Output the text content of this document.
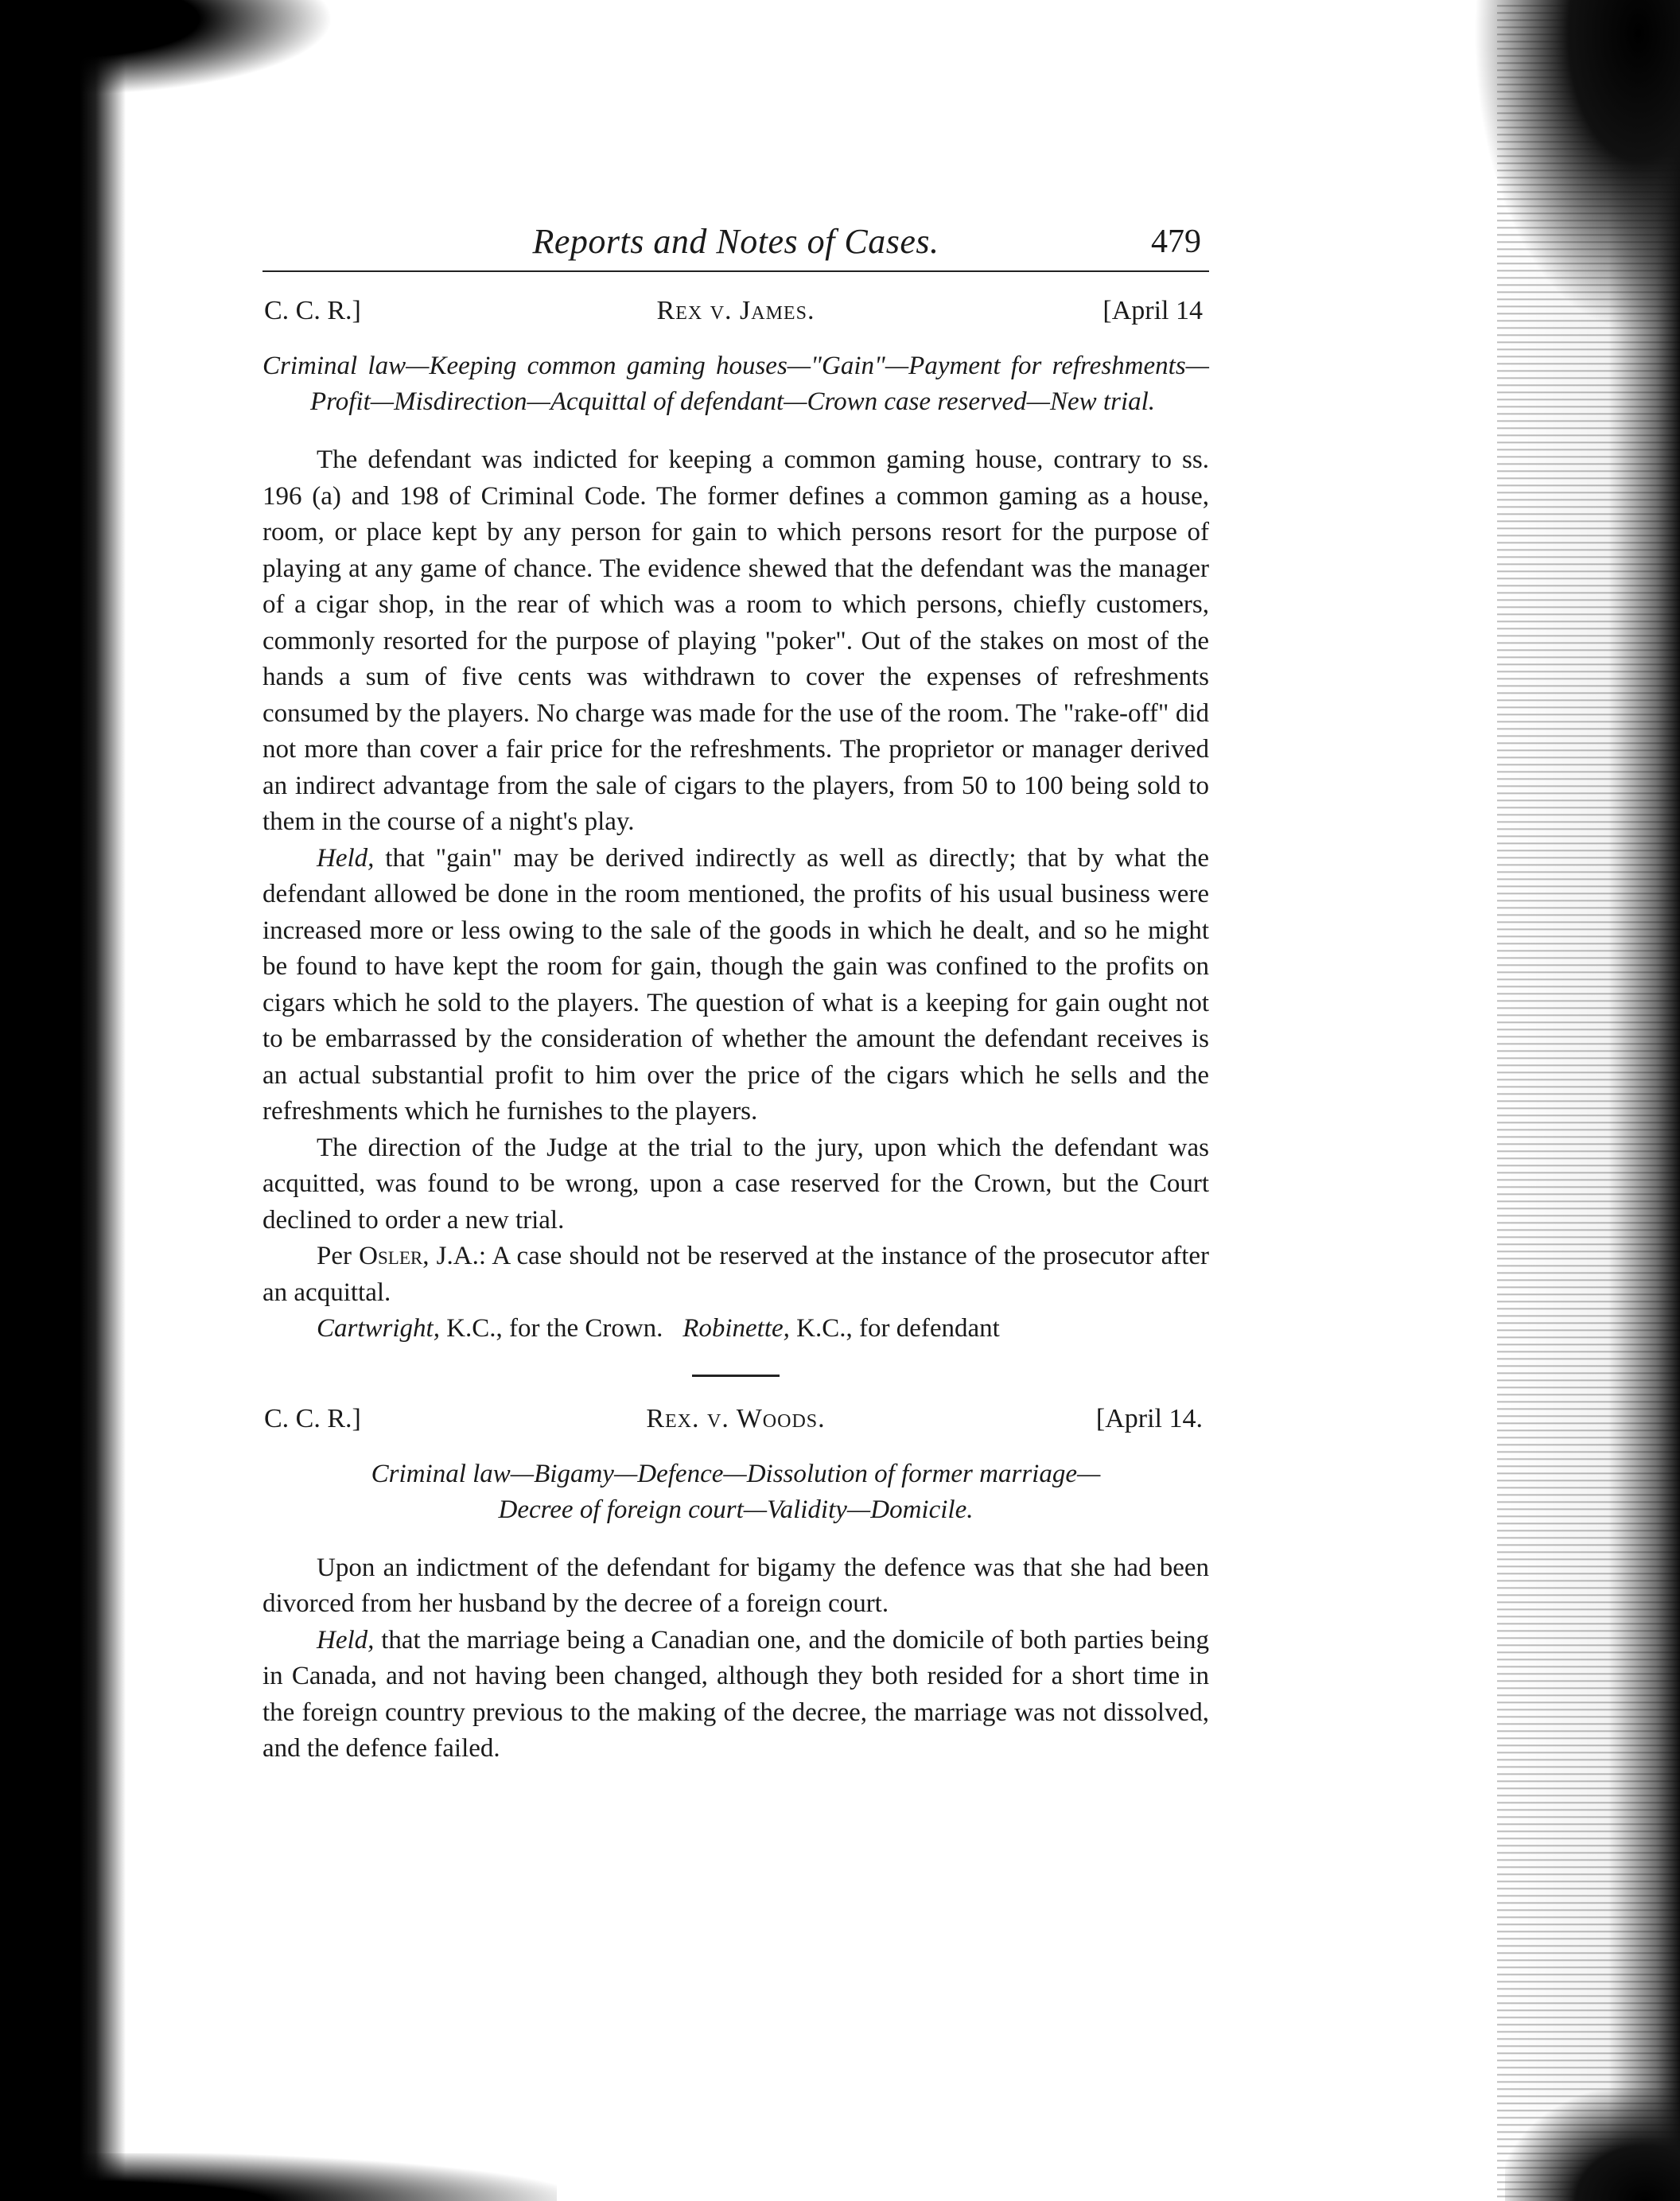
Reports and Notes of Cases.	479
C. C. R.]	Rex v. James.	[April 14
Criminal law—Keeping common gaming houses—"Gain"—Payment for refreshments—Profit—Misdirection—Acquittal of defendant—Crown case reserved—New trial.

The defendant was indicted for keeping a common gaming house, contrary to ss. 196 (a) and 198 of Criminal Code. The former defines a common gaming as a house, room, or place kept by any person for gain to which persons resort for the purpose of playing at any game of chance. The evidence shewed that the defendant was the manager of a cigar shop, in the rear of which was a room to which persons, chiefly customers, commonly resorted for the purpose of playing "poker". Out of the stakes on most of the hands a sum of five cents was withdrawn to cover the expenses of refreshments consumed by the players. No charge was made for the use of the room. The "rake-off" did not more than cover a fair price for the refreshments. The proprietor or manager derived an indirect advantage from the sale of cigars to the players, from 50 to 100 being sold to them in the course of a night's play.

Held, that "gain" may be derived indirectly as well as directly; that by what the defendant allowed be done in the room mentioned, the profits of his usual business were increased more or less owing to the sale of the goods in which he dealt, and so he might be found to have kept the room for gain, though the gain was confined to the profits on cigars which he sold to the players. The question of what is a keeping for gain ought not to be embarrassed by the consideration of whether the amount the defendant receives is an actual substantial profit to him over the price of the cigars which he sells and the refreshments which he furnishes to the players.

The direction of the Judge at the trial to the jury, upon which the defendant was acquitted, was found to be wrong, upon a case reserved for the Crown, but the Court declined to order a new trial.

Per Osler, J.A.: A case should not be reserved at the instance of the prosecutor after an acquittal.

Cartwright, K.C., for the Crown. Robinette, K.C., for defendant

C. C. R.]	Rex. v. Woods.	[April 14.
Criminal law—Bigamy—Defence—Dissolution of former marriage—
Decree of foreign court—Validity—Domicile.

Upon an indictment of the defendant for bigamy the defence was that she had been divorced from her husband by the decree of a foreign court.

Held, that the marriage being a Canadian one, and the domicile of both parties being in Canada, and not having been changed, although they both resided for a short time in the foreign country previous to the making of the decree, the marriage was not dissolved, and the defence failed.
